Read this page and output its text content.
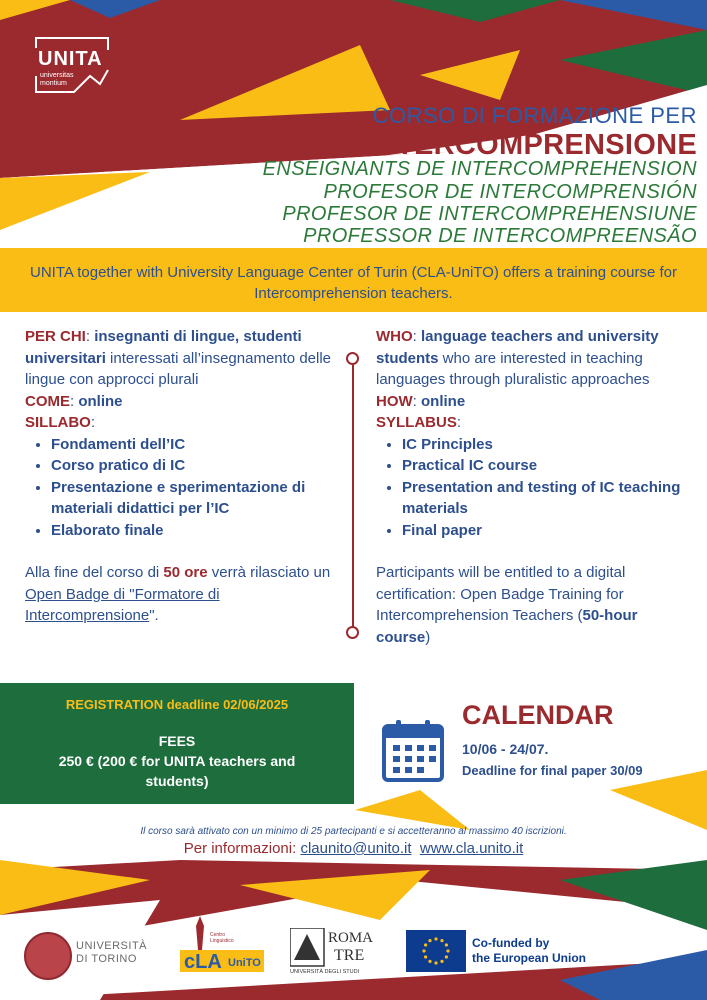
UNITA
universitas
montium
CORSO DI FORMAZIONE PER
INSEGNANTI DI INTERCOMPRENSIONE
ENSEIGNANTS DE INTERCOMPREHENSION
PROFESOR DE INTERCOMPRENSIÓN
PROFESOR DE INTERCOMPREHENSIUNE
PROFESSOR DE INTERCOMPREENSÃO
UNITA together with University Language Center of Turin (CLA-UniTO) offers a training course for Intercomprehension teachers.

PER CHI: insegnanti di lingue, studenti universitari interessati all’insegnamento delle lingue con approcci plurali

COME: online

SILLABO:

• Fondamenti dell’IC
• Corso pratico di IC
• Presentazione e sperimentazione di materiali didattici per l’IC
• Elaborato finale

Alla fine del corso di 50 ore verrà rilasciato un Open Badge di "Formatore di Intercomprensione".

WHO: language teachers and university students who are interested in teaching languages through pluralistic approaches

HOW: online

SYLLABUS:

• IC Principles
• Practical IC course
• Presentation and testing of IC teaching materials
• Final paper

Participants will be entitled to a digital certification: Open Badge Training for Intercomprehension Teachers (50-hour course)

REGISTRATION deadline 02/06/2025
FEES
250 € (200 € for UNITA teachers and students)
CALENDAR
10/06 - 24/07.
Deadline for final paper 30/09
Il corso sarà attivato con un minimo di 25 partecipanti e si accetteranno al massimo 40 iscrizioni.
Per informazioni: claunito@unito.it www.cla.unito.it
UNIVERSITÀ DI TORINO	cLA UniTO
Centro
Linguistico	ROMA
TRE
UNIVERSITÀ DEGLI STUDI
Co-funded by
the European Union
